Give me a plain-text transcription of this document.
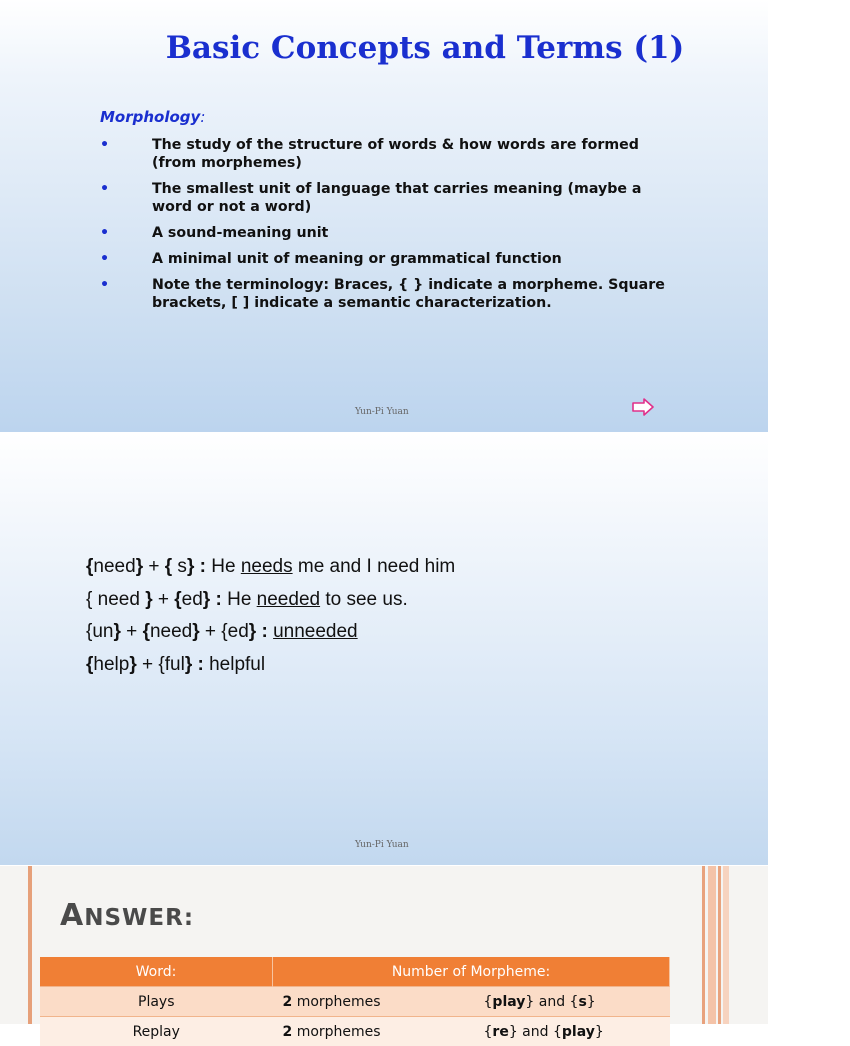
Basic Concepts and Terms (1)
Morphology:
•	The study of the structure of words & how words are formed (from morphemes)
•	The smallest unit of language that carries meaning (maybe a word or not a word)
•	A sound-meaning unit
•	A minimal unit of meaning or grammatical function
•	Note the terminology: Braces, { } indicate a morpheme. Square brackets, [ ] indicate a semantic characterization.
Yun-Pi Yuan
{need} + { s} : He needs me and I need him
{ need } + {ed} : He needed to see us.
{un} + {need} + {ed} : unneeded
{help} + {ful} : helpful
Yun-Pi Yuan
ANSWER:
Word:	Number of Morpheme:	
Plays	2 morphemes	{play} and {s}
Replay	2 morphemes	{re} and {play}
